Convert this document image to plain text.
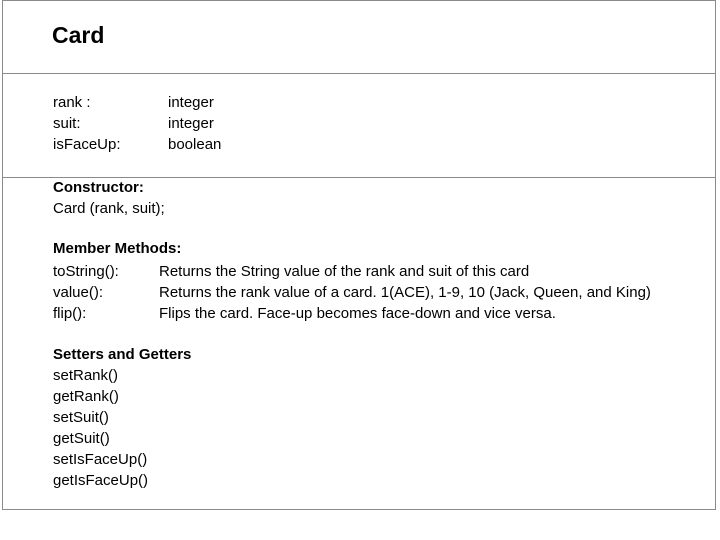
Card
rank :	integer
suit:	integer
isFaceUp:	boolean
Constructor:
Card (rank, suit);
Member Methods:
toString():	Returns the String value of the rank and suit of this card
value():	Returns the rank value of a card. 1(ACE), 1-9, 10 (Jack, Queen, and King)
flip():	Flips the card. Face-up becomes face-down and vice versa.
Setters and Getters
setRank()
getRank()
setSuit()
getSuit()
setIsFaceUp()
getIsFaceUp()
